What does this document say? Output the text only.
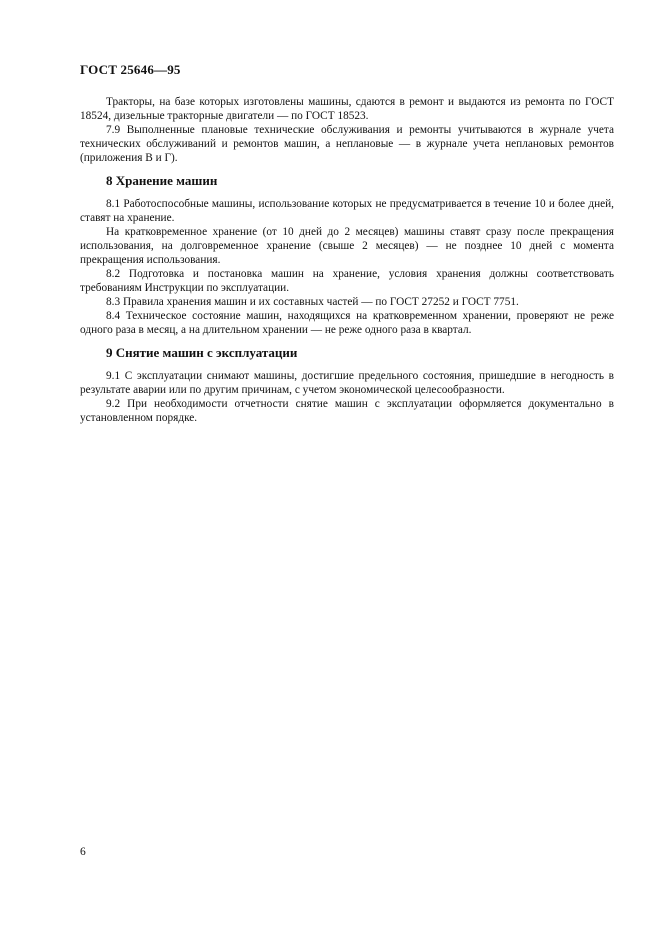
ГОСТ 25646—95

Тракторы, на базе которых изготовлены машины, сдаются в ремонт и выдаются из ремонта по ГОСТ 18524, дизельные тракторные двигатели — по ГОСТ 18523.

7.9 Выполненные плановые технические обслуживания и ремонты учитываются в журнале учета технических обслуживаний и ремонтов машин, а неплановые — в журнале учета неплановых ремонтов (приложения В и Г).

8 Хранение машин

8.1 Работоспособные машины, использование которых не предусматривается в течение 10 и более дней, ставят на хранение.

На кратковременное хранение (от 10 дней до 2 месяцев) машины ставят сразу после прекращения использования, на долговременное хранение (свыше 2 месяцев) — не позднее 10 дней с момента прекращения использования.

8.2 Подготовка и постановка машин на хранение, условия хранения должны соответствовать требованиям Инструкции по эксплуатации.

8.3 Правила хранения машин и их составных частей — по ГОСТ 27252 и ГОСТ 7751.

8.4 Техническое состояние машин, находящихся на кратковременном хранении, проверяют не реже одного раза в месяц, а на длительном хранении — не реже одного раза в квартал.

9 Снятие машин с эксплуатации

9.1 С эксплуатации снимают машины, достигшие предельного состояния, пришедшие в негодность в результате аварии или по другим причинам, с учетом экономической целесообразности.

9.2 При необходимости отчетности снятие машин с эксплуатации оформляется документально в установленном порядке.

6
